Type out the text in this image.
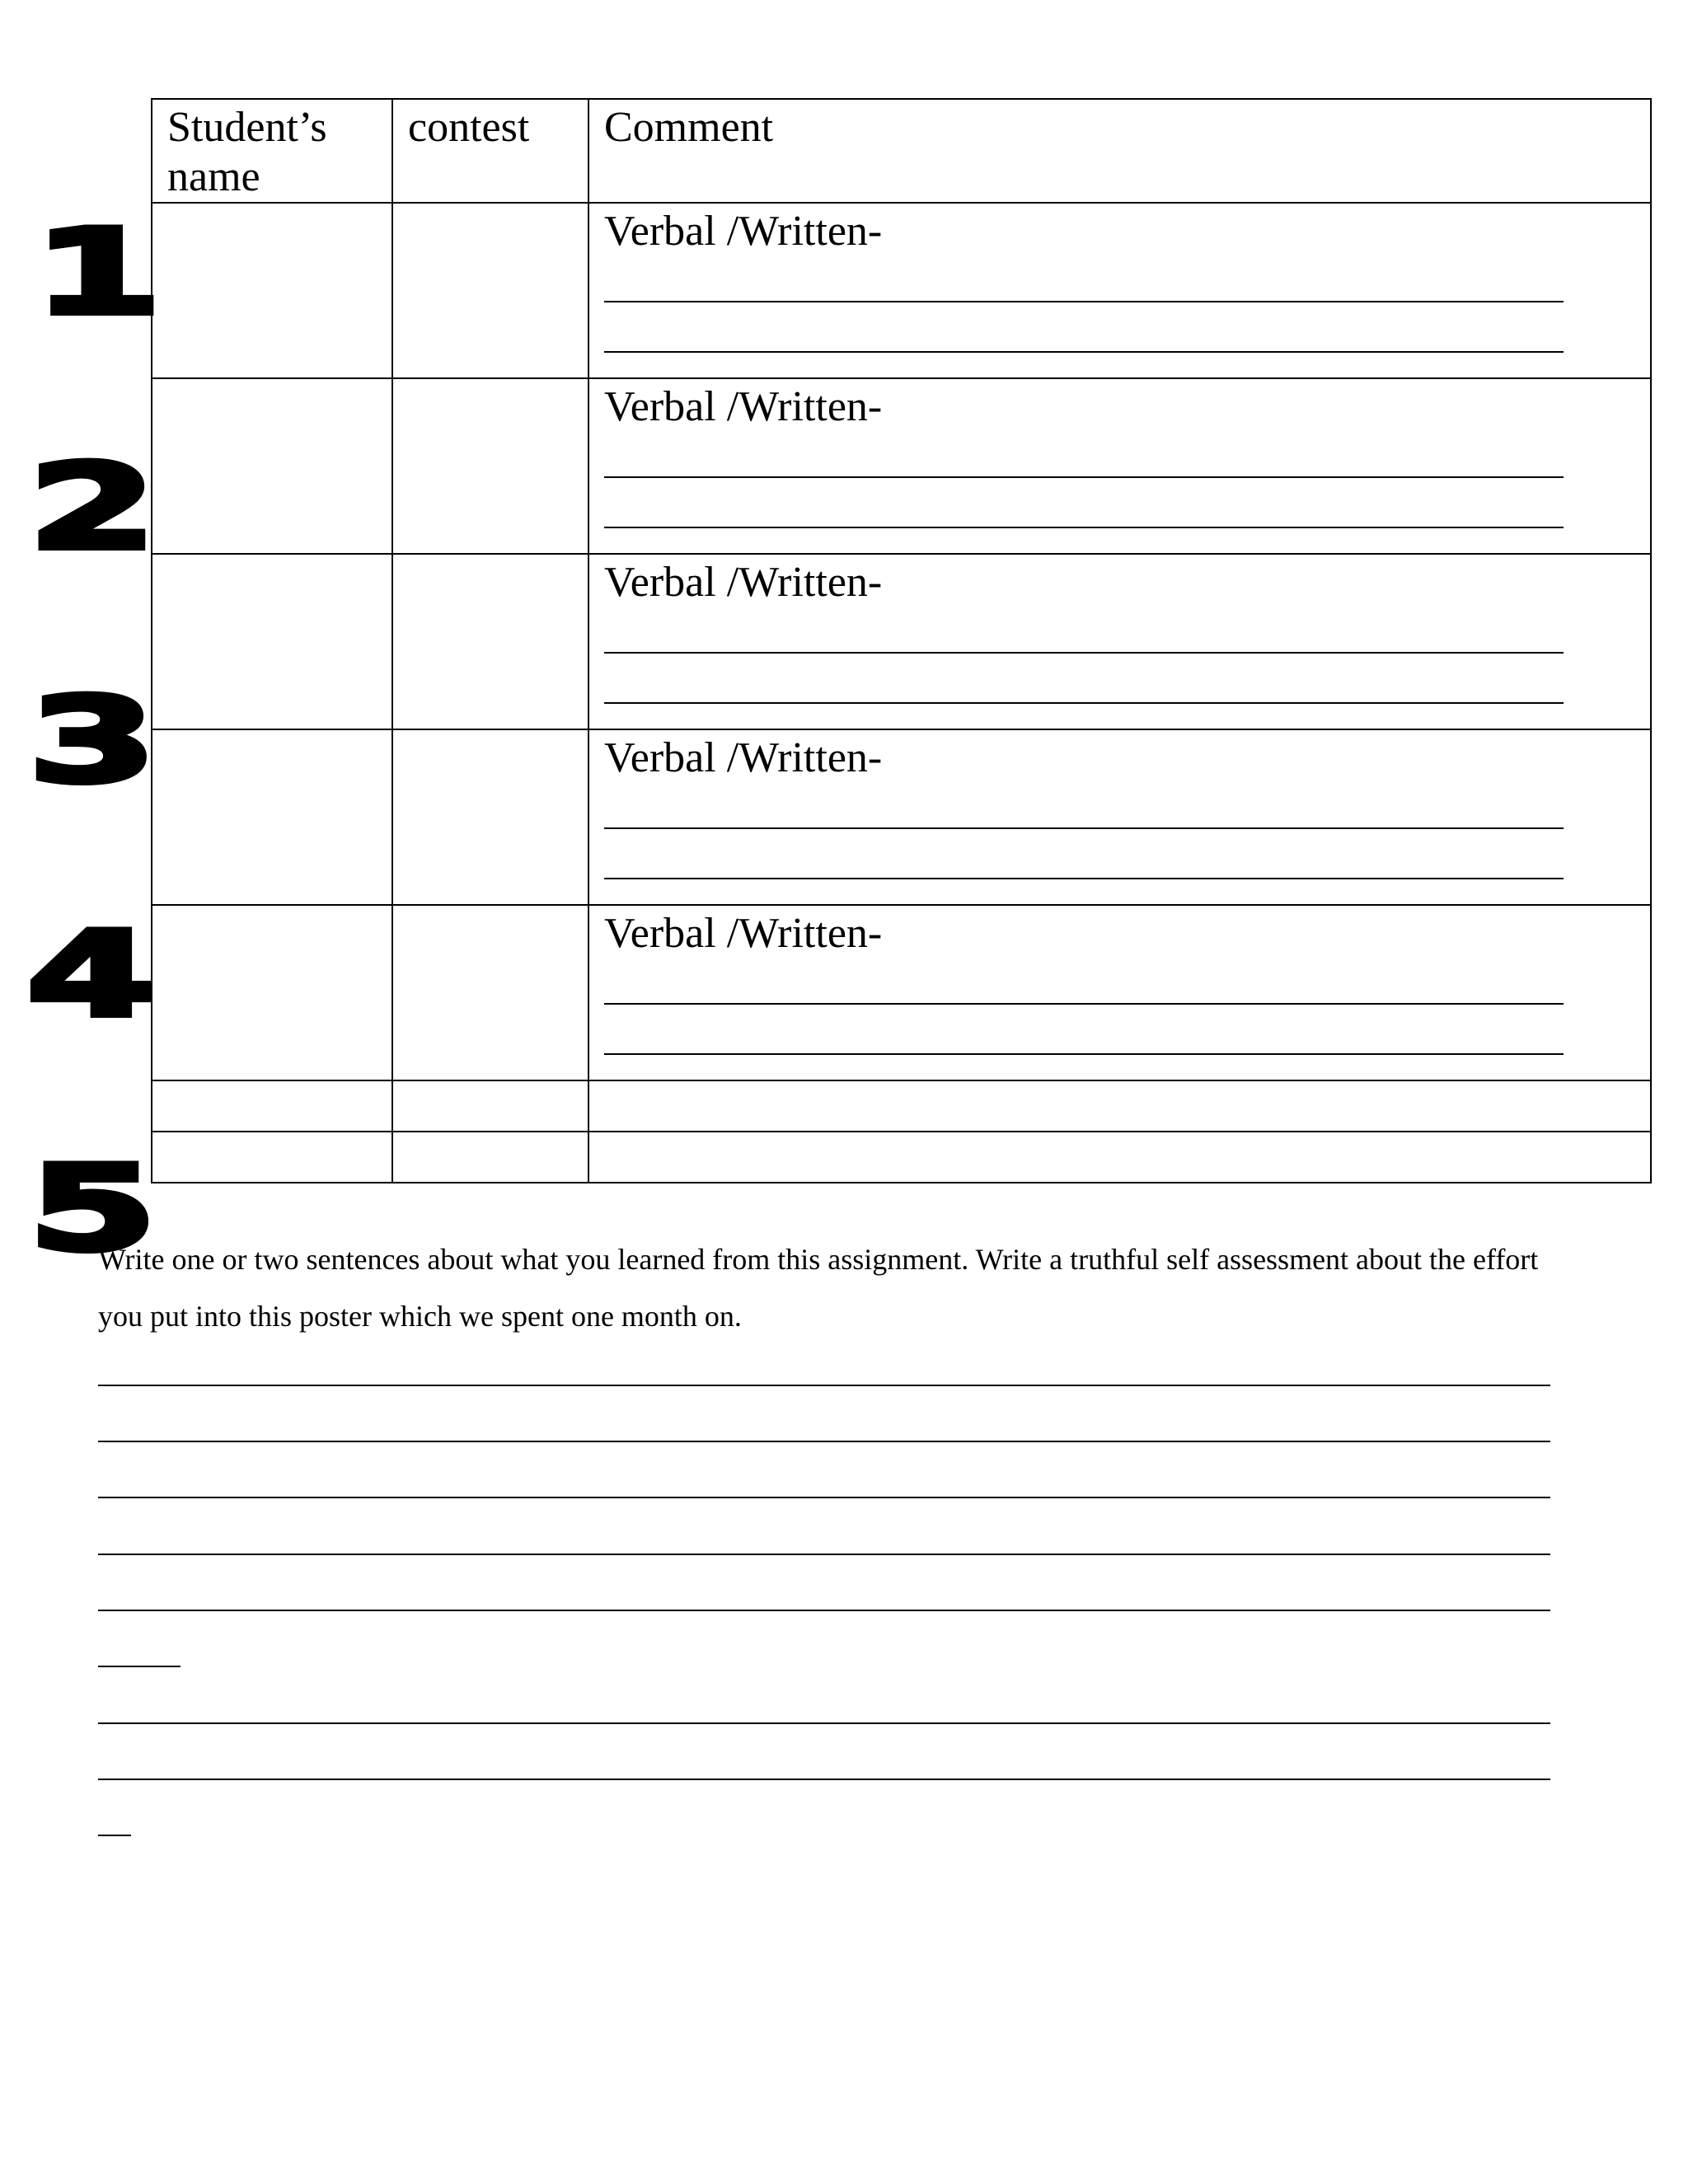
1
2
3
4
5
Student’s name	contest	Comment

		Verbal /Written-

		Verbal /Written-

		Verbal /Written-

		Verbal /Written-

		Verbal /Written-

Write one or two sentences about what you learned from this assignment. Write a truthful self assessment about the effort you put into this poster which we spent one month on.
